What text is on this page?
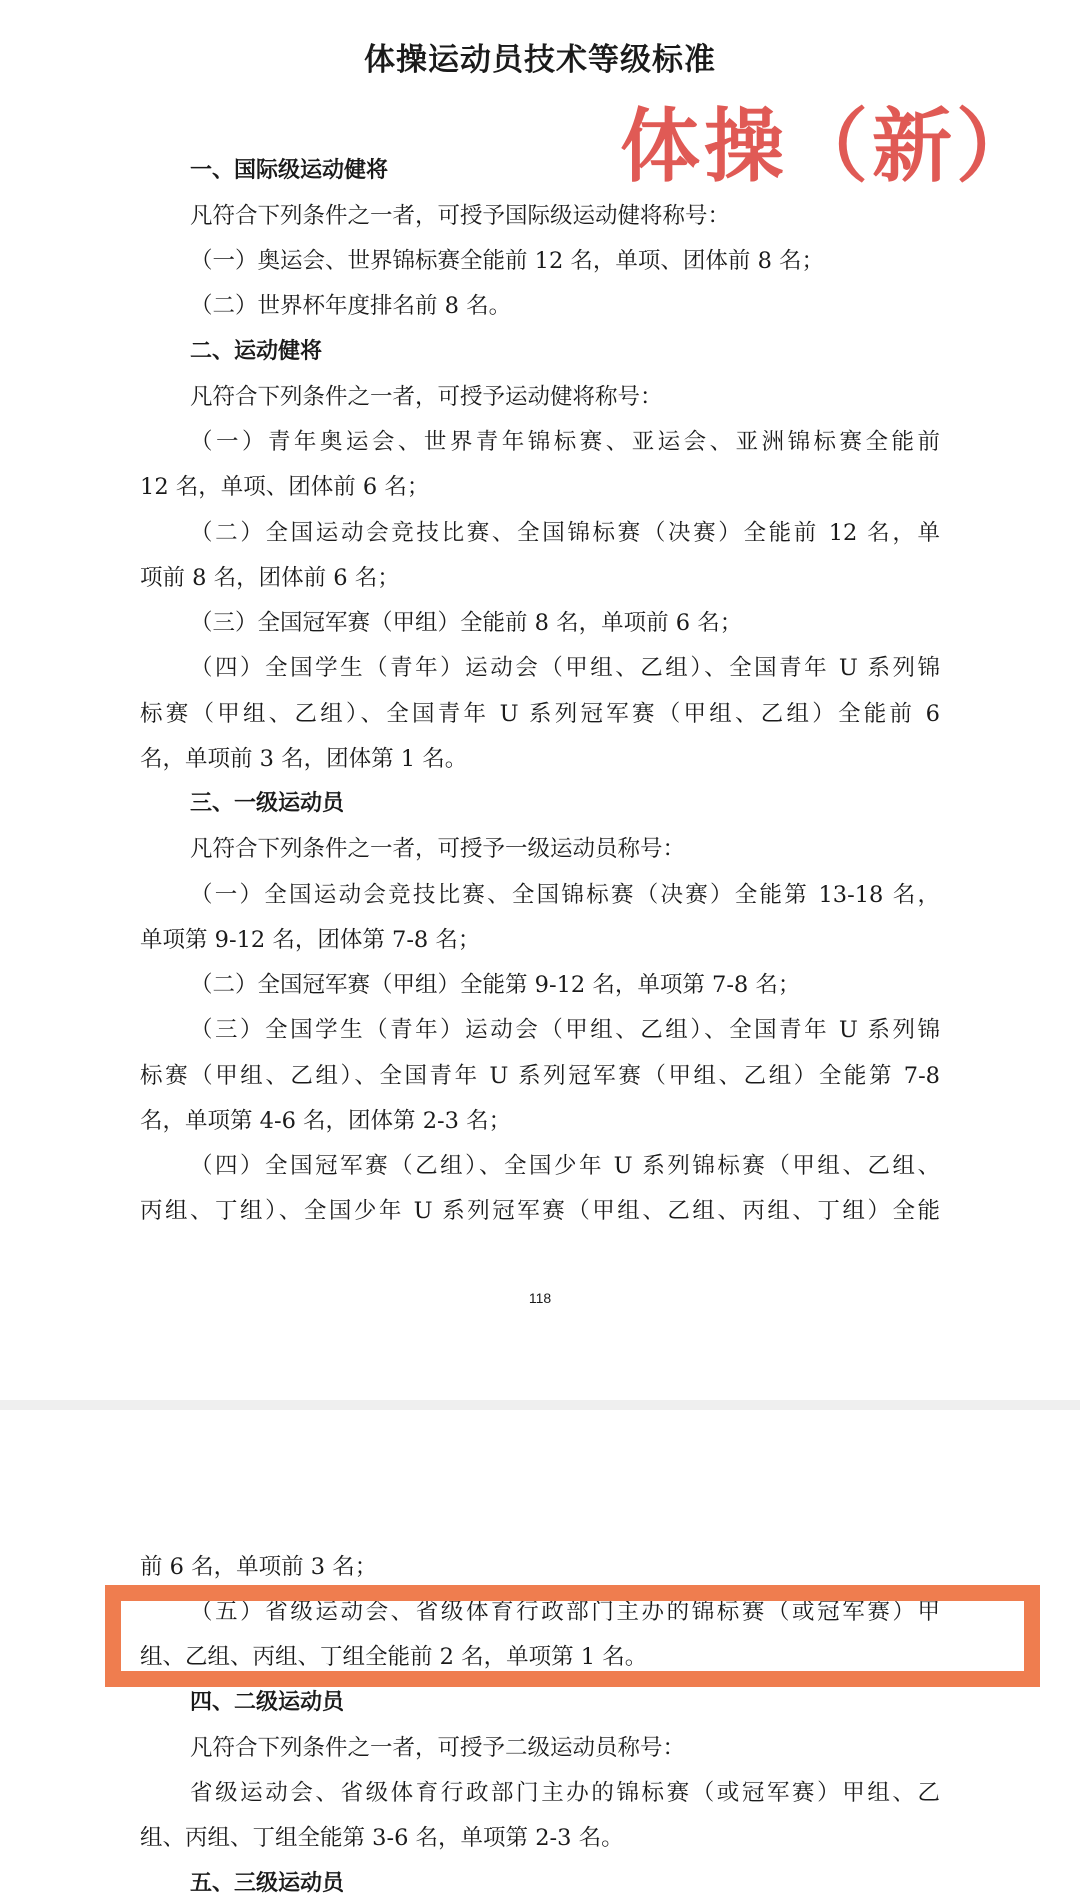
体操运动员技术等级标准
体操（新）
一、国际级运动健将
凡符合下列条件之一者，可授予国际级运动健将称号：
（一）奥运会、世界锦标赛全能前 12 名，单项、团体前 8 名；
（二）世界杯年度排名前 8 名。
二、运动健将
凡符合下列条件之一者，可授予运动健将称号：
（一）青年奥运会、世界青年锦标赛、亚运会、亚洲锦标赛全能前
12 名，单项、团体前 6 名；
（二）全国运动会竞技比赛、全国锦标赛（决赛）全能前 12 名，单
项前 8 名，团体前 6 名；
（三）全国冠军赛（甲组）全能前 8 名，单项前 6 名；
（四）全国学生（青年）运动会（甲组、乙组）、全国青年 U 系列锦
标赛（甲组、乙组）、全国青年 U 系列冠军赛（甲组、乙组）全能前 6
名，单项前 3 名，团体第 1 名。
三、一级运动员
凡符合下列条件之一者，可授予一级运动员称号：
（一）全国运动会竞技比赛、全国锦标赛（决赛）全能第 13-18 名，
单项第 9-12 名，团体第 7-8 名；
（二）全国冠军赛（甲组）全能第 9-12 名，单项第 7-8 名；
（三）全国学生（青年）运动会（甲组、乙组）、全国青年 U 系列锦
标赛（甲组、乙组）、全国青年 U 系列冠军赛（甲组、乙组）全能第 7-8
名，单项第 4-6 名，团体第 2-3 名；
（四）全国冠军赛（乙组）、全国少年 U 系列锦标赛（甲组、乙组、
丙组、丁组）、全国少年 U 系列冠军赛（甲组、乙组、丙组、丁组）全能
118
前 6 名，单项前 3 名；
（五）省级运动会、省级体育行政部门主办的锦标赛（或冠军赛）甲
组、乙组、丙组、丁组全能前 2 名，单项第 1 名。
四、二级运动员
凡符合下列条件之一者，可授予二级运动员称号：
省级运动会、省级体育行政部门主办的锦标赛（或冠军赛）甲组、乙
组、丙组、丁组全能第 3-6 名，单项第 2-3 名。
五、三级运动员
